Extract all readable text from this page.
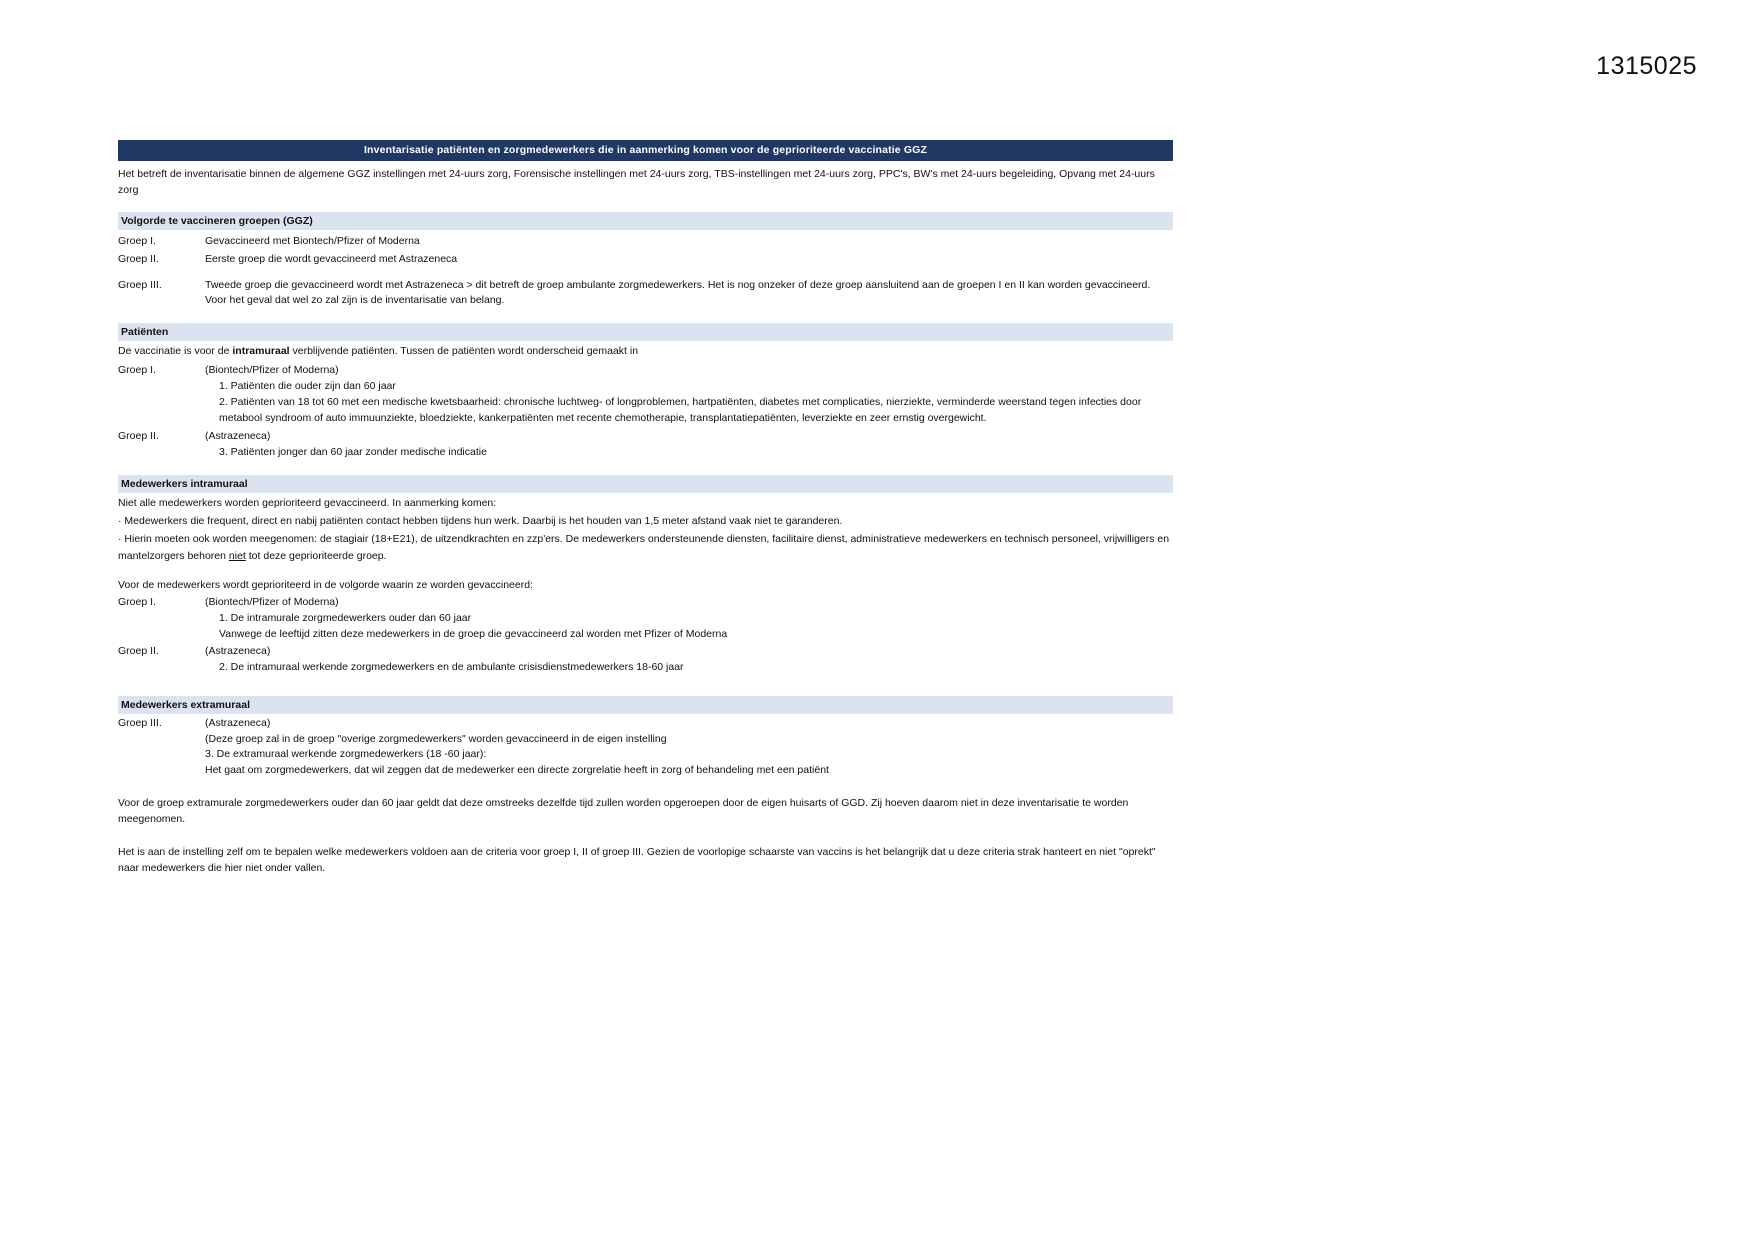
1315025
Inventarisatie patiënten en zorgmedewerkers die in aanmerking komen voor de geprioriteerde vaccinatie GGZ
Het betreft de inventarisatie binnen de algemene GGZ instellingen met 24-uurs zorg, Forensische instellingen met 24-uurs zorg, TBS-instellingen met 24-uurs zorg, PPC's, BW's met 24-uurs begeleiding, Opvang met 24-uurs zorg
Volgorde te vaccineren groepen (GGZ)
Groep I.	Gevaccineerd met Biontech/Pfizer of Moderna
Groep II.	Eerste groep die wordt gevaccineerd met Astrazeneca
Groep III.	Tweede groep die gevaccineerd wordt met Astrazeneca > dit betreft de groep ambulante zorgmedewerkers. Het is nog onzeker of deze groep aansluitend aan de groepen I en II kan worden gevaccineerd. Voor het geval dat wel zo zal zijn is de inventarisatie van belang.
Patiënten
De vaccinatie is voor de intramuraal verblijvende patiënten. Tussen de patiënten wordt onderscheid gemaakt in
Groep I.	(Biontech/Pfizer of Moderna)
1. Patiënten die ouder zijn dan 60 jaar
2. Patiënten van 18 tot 60 met een medische kwetsbaarheid: chronische luchtweg- of longproblemen, hartpatiënten, diabetes met complicaties, nierziekte, verminderde weerstand tegen infecties door metabool syndroom of auto immuunziekte, bloedziekte, kankerpatiënten met recente chemotherapie, transplantatiepatiënten, leverziekte en zeer ernstig overgewicht.
Groep II.	(Astrazeneca)
3. Patiënten jonger dan 60 jaar zonder medische indicatie
Medewerkers intramuraal
Niet alle medewerkers worden geprioriteerd gevaccineerd. In aanmerking komen:
· Medewerkers die frequent, direct en nabij patiënten contact hebben tijdens hun werk. Daarbij is het houden van 1,5 meter afstand vaak niet te garanderen.
· Hierin moeten ook worden meegenomen: de stagiair (18+E21), de uitzendkrachten en zzp'ers. De medewerkers ondersteunende diensten, facilitaire dienst, administratieve medewerkers en technisch personeel, vrijwilligers en mantelzorgers behoren niet tot deze geprioriteerde groep.
Voor de medewerkers wordt geprioriteerd in de volgorde waarin ze worden gevaccineerd:
Groep I.	(Biontech/Pfizer of Moderna)
1. De intramurale zorgmedewerkers ouder dan 60 jaar
Vanwege de leeftijd zitten deze medewerkers in de groep die gevaccineerd zal worden met Pfizer of Moderna
Groep II.	(Astrazeneca)
2. De intramuraal werkende zorgmedewerkers en de ambulante crisisdienstmedewerkers 18-60 jaar
Medewerkers extramuraal
Groep III.	(Astrazeneca)
(Deze groep zal in de groep "overige zorgmedewerkers" worden gevaccineerd in de eigen instelling
3. De extramuraal werkende zorgmedewerkers (18 -60 jaar):
Het gaat om zorgmedewerkers, dat wil zeggen dat de medewerker een directe zorgrelatie heeft in zorg of behandeling met een patiënt
Voor de groep extramurale zorgmedewerkers ouder dan 60 jaar geldt dat deze omstreeks dezelfde tijd zullen worden opgeroepen door de eigen huisarts of GGD. Zij hoeven daarom niet in deze inventarisatie te worden meegenomen.
Het is aan de instelling zelf om te bepalen welke medewerkers voldoen aan de criteria voor groep I, II of groep III. Gezien de voorlopige schaarste van vaccins is het belangrijk dat u deze criteria strak hanteert en niet "oprekt" naar medewerkers die hier niet onder vallen.
